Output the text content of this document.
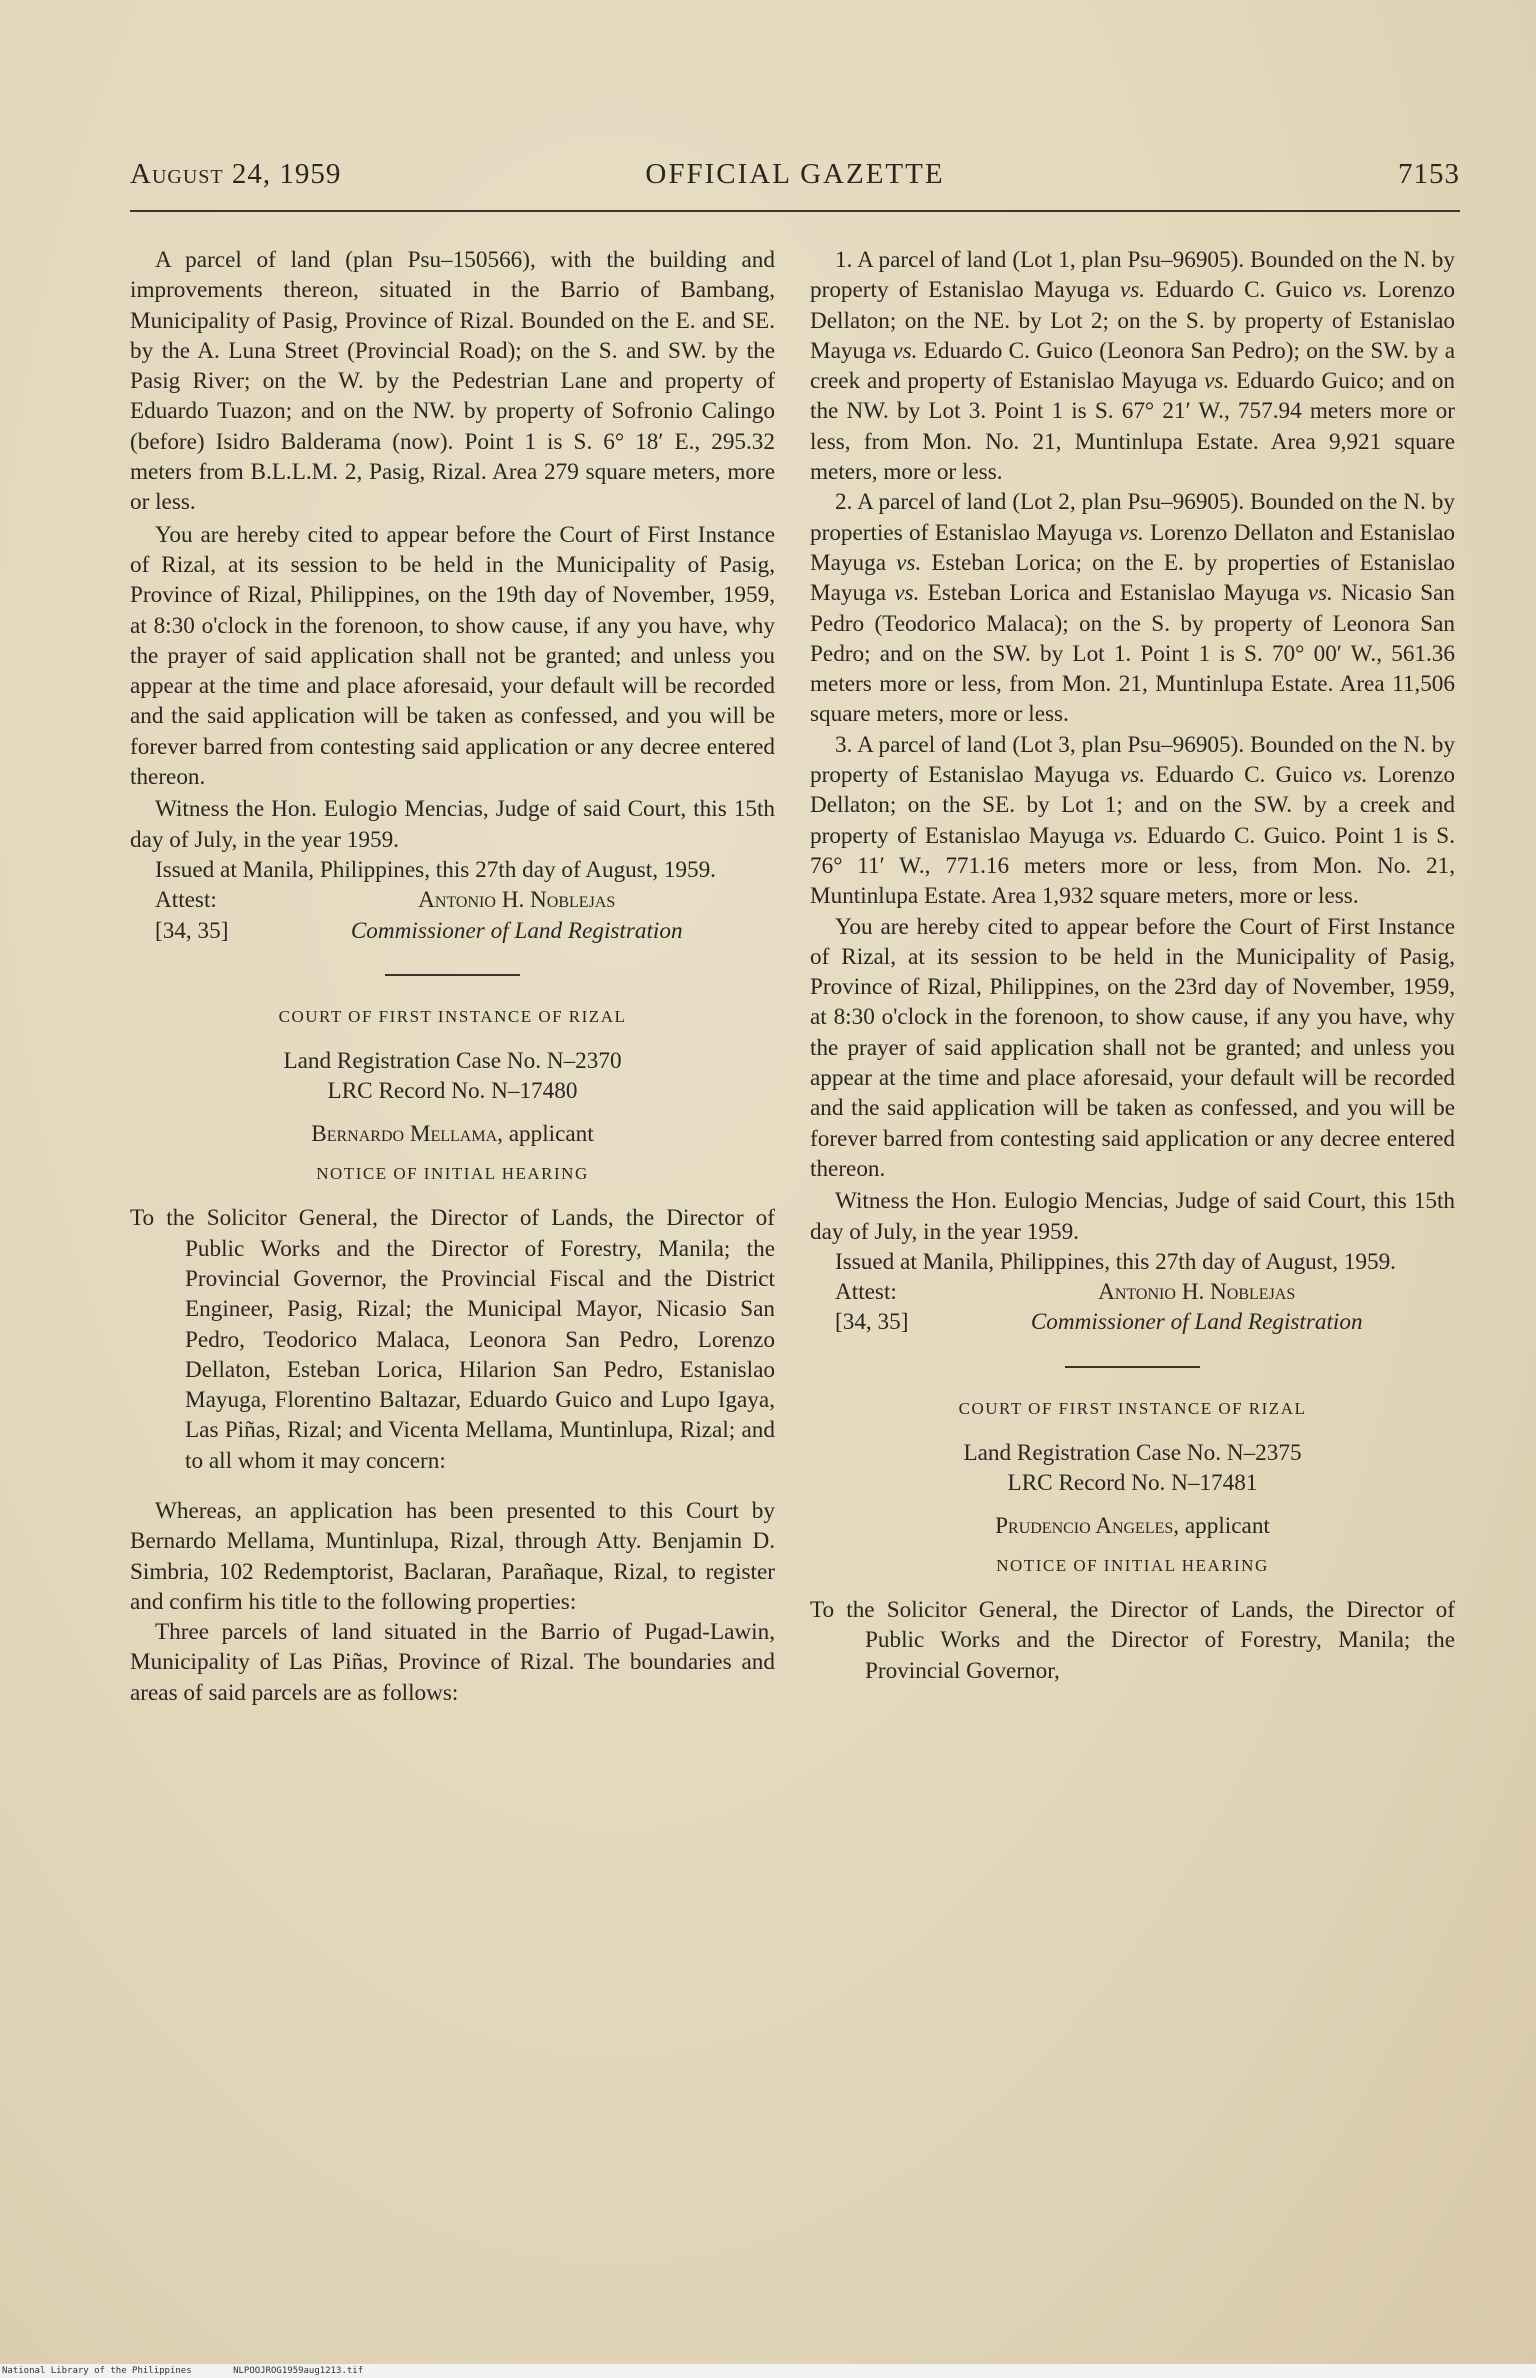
August 24, 1959	OFFICIAL GAZETTE	7153

A parcel of land (plan Psu–150566), with the building and improvements thereon, situated in the Barrio of Bambang, Municipality of Pasig, Province of Rizal. Bounded on the E. and SE. by the A. Luna Street (Provincial Road); on the S. and SW. by the Pasig River; on the W. by the Pedestrian Lane and property of Eduardo Tuazon; and on the NW. by property of Sofronio Calingo (before) Isidro Balderama (now). Point 1 is S. 6° 18′ E., 295.32 meters from B.L.L.M. 2, Pasig, Rizal. Area 279 square meters, more or less.

You are hereby cited to appear before the Court of First Instance of Rizal, at its session to be held in the Municipality of Pasig, Province of Rizal, Philippines, on the 19th day of November, 1959, at 8:30 o'clock in the forenoon, to show cause, if any you have, why the prayer of said application shall not be granted; and unless you appear at the time and place aforesaid, your default will be recorded and the said application will be taken as confessed, and you will be forever barred from contesting said application or any decree entered thereon.

Witness the Hon. Eulogio Mencias, Judge of said Court, this 15th day of July, in the year 1959.

Issued at Manila, Philippines, this 27th day of August, 1959.

Attest:
[34, 35]
Antonio H. Noblejas
Commissioner of Land Registration
COURT OF FIRST INSTANCE OF RIZAL
Land Registration Case No. N–2370
LRC Record No. N–17480
Bernardo Mellama, applicant
NOTICE OF INITIAL HEARING
To the Solicitor General, the Director of Lands, the Director of Public Works and the Director of Forestry, Manila; the Provincial Governor, the Provincial Fiscal and the District Engineer, Pasig, Rizal; the Municipal Mayor, Nicasio San Pedro, Teodorico Malaca, Leonora San Pedro, Lorenzo Dellaton, Esteban Lorica, Hilarion San Pedro, Estanislao Mayuga, Florentino Baltazar, Eduardo Guico and Lupo Igaya, Las Piñas, Rizal; and Vicenta Mellama, Muntinlupa, Rizal; and to all whom it may concern:

Whereas, an application has been presented to this Court by Bernardo Mellama, Muntinlupa, Rizal, through Atty. Benjamin D. Simbria, 102 Redemptorist, Baclaran, Parañaque, Rizal, to register and confirm his title to the following properties:

Three parcels of land situated in the Barrio of Pugad-Lawin, Municipality of Las Piñas, Province of Rizal. The boundaries and areas of said parcels are as follows:

1. A parcel of land (Lot 1, plan Psu–96905). Bounded on the N. by property of Estanislao Mayuga vs. Eduardo C. Guico vs. Lorenzo Dellaton; on the NE. by Lot 2; on the S. by property of Estanislao Mayuga vs. Eduardo C. Guico (Leonora San Pedro); on the SW. by a creek and property of Estanislao Mayuga vs. Eduardo Guico; and on the NW. by Lot 3. Point 1 is S. 67° 21′ W., 757.94 meters more or less, from Mon. No. 21, Muntinlupa Estate. Area 9,921 square meters, more or less.

2. A parcel of land (Lot 2, plan Psu–96905). Bounded on the N. by properties of Estanislao Mayuga vs. Lorenzo Dellaton and Estanislao Mayuga vs. Esteban Lorica; on the E. by properties of Estanislao Mayuga vs. Esteban Lorica and Estanislao Mayuga vs. Nicasio San Pedro (Teodorico Malaca); on the S. by property of Leonora San Pedro; and on the SW. by Lot 1. Point 1 is S. 70° 00′ W., 561.36 meters more or less, from Mon. 21, Muntinlupa Estate. Area 11,506 square meters, more or less.

3. A parcel of land (Lot 3, plan Psu–96905). Bounded on the N. by property of Estanislao Mayuga vs. Eduardo C. Guico vs. Lorenzo Dellaton; on the SE. by Lot 1; and on the SW. by a creek and property of Estanislao Mayuga vs. Eduardo C. Guico. Point 1 is S. 76° 11′ W., 771.16 meters more or less, from Mon. No. 21, Muntinlupa Estate. Area 1,932 square meters, more or less.

You are hereby cited to appear before the Court of First Instance of Rizal, at its session to be held in the Municipality of Pasig, Province of Rizal, Philippines, on the 23rd day of November, 1959, at 8:30 o'clock in the forenoon, to show cause, if any you have, why the prayer of said application shall not be granted; and unless you appear at the time and place aforesaid, your default will be recorded and the said application will be taken as confessed, and you will be forever barred from contesting said application or any decree entered thereon.

Witness the Hon. Eulogio Mencias, Judge of said Court, this 15th day of July, in the year 1959.

Issued at Manila, Philippines, this 27th day of August, 1959.

Attest:
[34, 35]
Antonio H. Noblejas
Commissioner of Land Registration
COURT OF FIRST INSTANCE OF RIZAL
Land Registration Case No. N–2375
LRC Record No. N–17481
Prudencio Angeles, applicant
NOTICE OF INITIAL HEARING
To the Solicitor General, the Director of Lands, the Director of Public Works and the Director of Forestry, Manila; the Provincial Governor,
National Library of the Philippines	NLPOOJROG1959aug1213.tif
